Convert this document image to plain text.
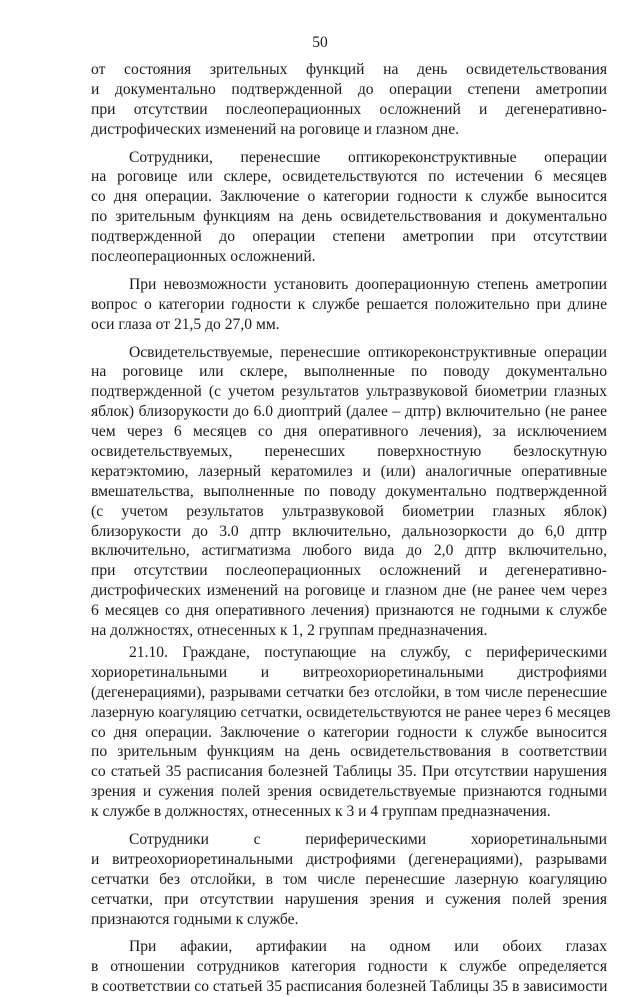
50
от состояния зрительных функций на день освидетельствования
и документально подтвержденной до операции степени аметропии
при отсутствии послеоперационных осложнений и дегенеративно-
дистрофических изменений на роговице и глазном дне.
Сотрудники, перенесшие оптикореконструктивные операции
на роговице или склере, освидетельствуются по истечении 6 месяцев
со дня операции. Заключение о категории годности к службе выносится
по зрительным функциям на день освидетельствования и документально
подтвержденной до операции степени аметропии при отсутствии
послеоперационных осложнений.
При невозможности установить дооперационную степень аметропии
вопрос о категории годности к службе решается положительно при длине
оси глаза от 21,5 до 27,0 мм.
Освидетельствуемые, перенесшие оптикореконструктивные операции
на роговице или склере, выполненные по поводу документально
подтвержденной (с учетом результатов ультразвуковой биометрии глазных
яблок) близорукости до 6.0 диоптрий (далее – дптр) включительно (не ранее
чем через 6 месяцев со дня оперативного лечения), за исключением
освидетельствуемых, перенесших поверхностную безлоскутную
кератэктомию, лазерный кератомилез и (или) аналогичные оперативные
вмешательства, выполненные по поводу документально подтвержденной
(с учетом результатов ультразвуковой биометрии глазных яблок)
близорукости до 3.0 дптр включительно, дальнозоркости до 6,0 дптр
включительно, астигматизма любого вида до 2,0 дптр включительно,
при отсутствии послеоперационных осложнений и дегенеративно-
дистрофических изменений на роговице и глазном дне (не ранее чем через
6 месяцев со дня оперативного лечения) признаются не годными к службе
на должностях, отнесенных к 1, 2 группам предназначения.
21.10. Граждане, поступающие на службу, с периферическими
хориоретинальными и витреохориоретинальными дистрофиями
(дегенерациями), разрывами сетчатки без отслойки, в том числе перенесшие
лазерную коагуляцию сетчатки, освидетельствуются не ранее через 6 месяцев
со дня операции. Заключение о категории годности к службе выносится
по зрительным функциям на день освидетельствования в соответствии
со статьей 35 расписания болезней Таблицы 35. При отсутствии нарушения
зрения и сужения полей зрения освидетельствуемые признаются годными
к службе в должностях, отнесенных к 3 и 4 группам предназначения.
Сотрудники с периферическими хориоретинальными
и витреохориоретинальными дистрофиями (дегенерациями), разрывами
сетчатки без отслойки, в том числе перенесшие лазерную коагуляцию
сетчатки, при отсутствии нарушения зрения и сужения полей зрения
признаются годными к службе.
При афакии, артифакии на одном или обоих глазах
в отношении сотрудников категория годности к службе определяется
в соответствии со статьей 35 расписания болезней Таблицы 35 в зависимости
